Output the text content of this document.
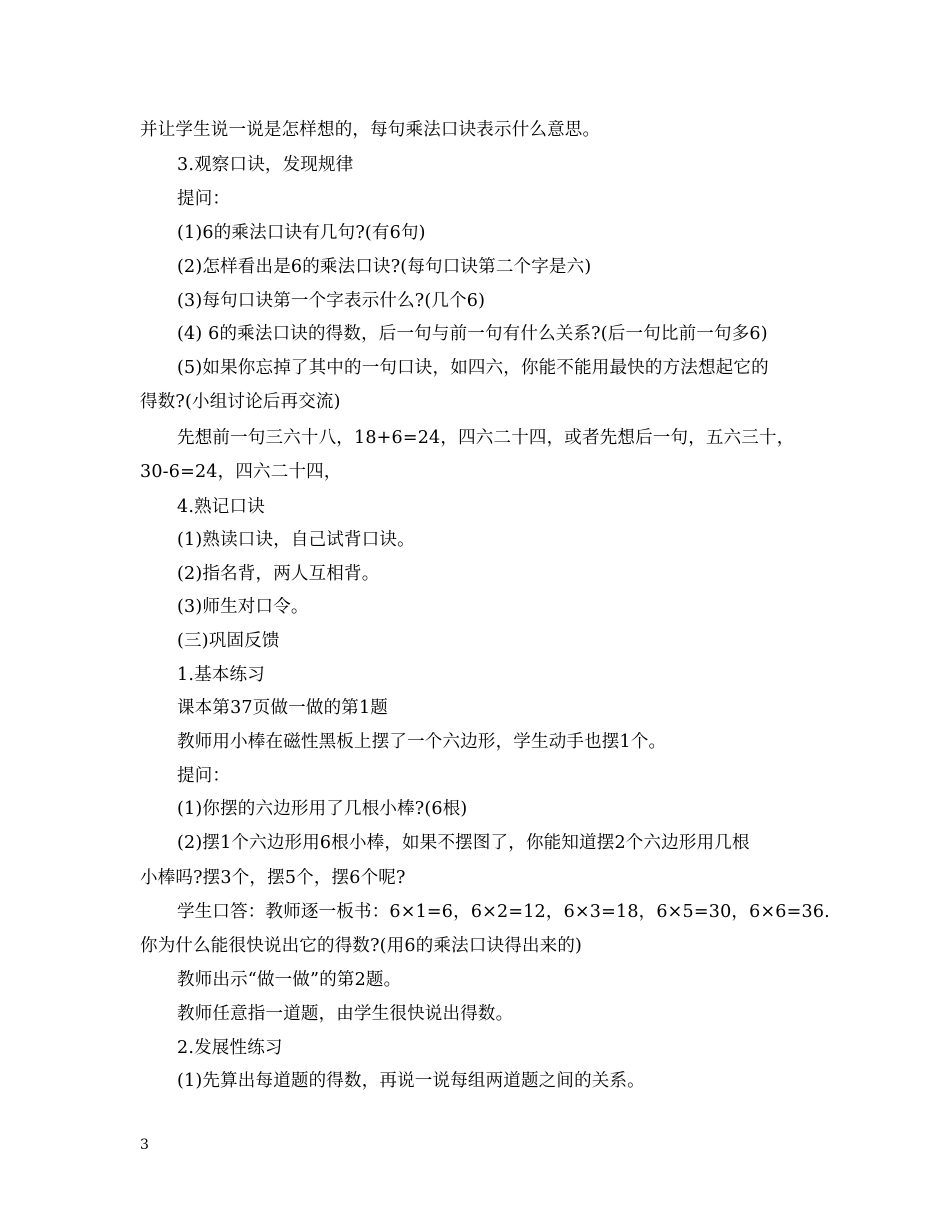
并让学生说一说是怎样想的，每句乘法口诀表示什么意思。
3.观察口诀，发现规律
提问：
(1)6的乘法口诀有几句?(有6句)
(2)怎样看出是6的乘法口诀?(每句口诀第二个字是六)
(3)每句口诀第一个字表示什么?(几个6)
(4) 6的乘法口诀的得数，后一句与前一句有什么关系?(后一句比前一句多6)
(5)如果你忘掉了其中的一句口诀，如四六，你能不能用最快的方法想起它的
得数?(小组讨论后再交流)
先想前一句三六十八，18+6=24，四六二十四，或者先想后一句，五六三十，
30-6=24，四六二十四，
4.熟记口诀
(1)熟读口诀，自己试背口诀。
(2)指名背，两人互相背。
(3)师生对口令。
(三)巩固反馈
1.基本练习
课本第37页做一做的第1题
教师用小棒在磁性黑板上摆了一个六边形，学生动手也摆1个。
提问：
(1)你摆的六边形用了几根小棒?(6根)
(2)摆1个六边形用6根小棒，如果不摆图了，你能知道摆2个六边形用几根
小棒吗?摆3个，摆5个，摆6个呢?
学生口答：教师逐一板书：6×1=6，6×2=12，6×3=18，6×5=30，6×6=36.
你为什么能很快说出它的得数?(用6的乘法口诀得出来的)
教师出示“做一做”的第2题。
教师任意指一道题，由学生很快说出得数。
2.发展性练习
(1)先算出每道题的得数，再说一说每组两道题之间的关系。
3
